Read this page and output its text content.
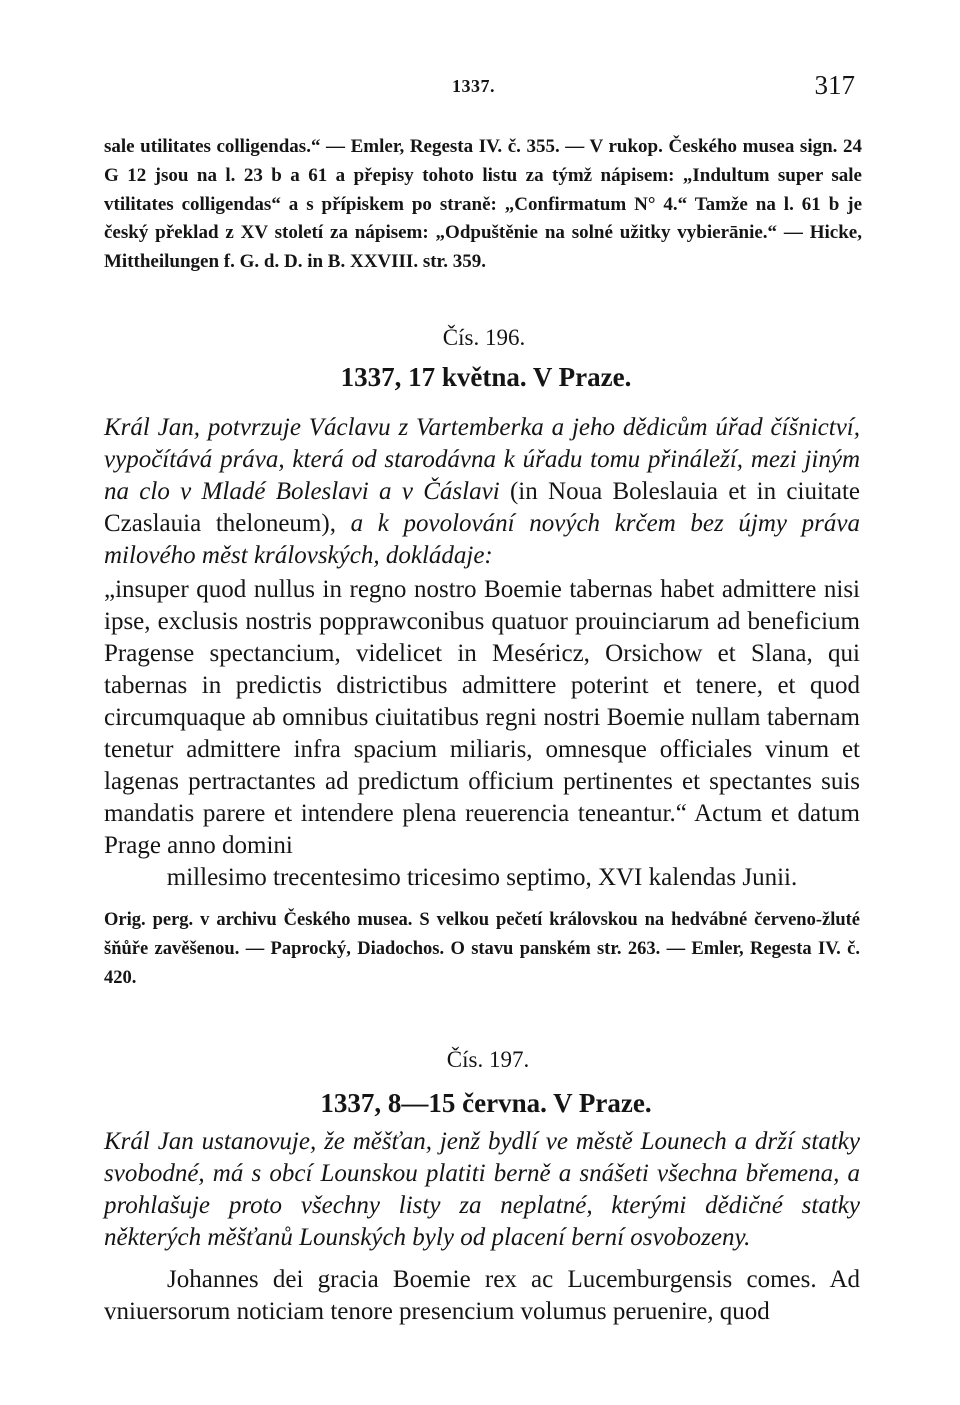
1337.	317
sale utilitates colligendas.“ — Emler, Regesta IV. č. 355. — V rukop. Českého musea sign. 24 G 12 jsou na l. 23 b a 61 a přepisy tohoto listu za týmž nápisem: „Indultum super sale vtilitates colligendas“ a s přípiskem po straně: „Confirmatum N° 4.“ Tamže na l. 61 b je český překlad z XV století za nápisem: „Odpuštěnie na solné užitky vybierānie.“ — Hicke, Mittheilungen f. G. d. D. in B. XXVIII. str. 359.
Čís. 196.
1337, 17 května. V Praze.
Král Jan, potvrzuje Václavu z Vartemberka a jeho dědicům úřad číšnictví, vypočítává práva, která od starodávna k úřadu tomu přináleží, mezi jiným na clo v Mladé Boleslavi a v Čáslavi (in Noua Boleslauia et in ciuitate Czaslauia theloneum), a k povolování nových krčem bez újmy práva milového měst královských, dokládaje:
„insuper quod nullus in regno nostro Boemie tabernas habet admittere nisi ipse, exclusis nostris popprawconibus quatuor prouinciarum ad beneficium Pragense spectancium, videlicet in Meséricz, Orsichow et Slana, qui tabernas in predictis districtibus admittere poterint et tenere, et quod circumquaque ab omnibus ciuitatibus regni nostri Boemie nullam tabernam tenetur admittere infra spacium miliaris, omnesque officiales vinum et lagenas pertractantes ad predictum officium pertinentes et spectantes suis mandatis parere et intendere plena reuerencia teneantur.“ Actum et datum Prage anno domini
millesimo trecentesimo tricesimo septimo, XVI kalendas Junii.
Orig. perg. v archivu Českého musea. S velkou pečetí královskou na hedvábné červeno-žluté šňůře zavěšenou. — Paprocký, Diadochos. O stavu panském str. 263. — Emler, Regesta IV. č. 420.
Čís. 197.
1337, 8—15 června. V Praze.
Král Jan ustanovuje, že měšťan, jenž bydlí ve městě Lounech a drží statky svobodné, má s obcí Lounskou platiti berně a snášeti všechna břemena, a prohlašuje proto všechny listy za neplatné, kterými dědičné statky některých měšťanů Lounských byly od placení berní osvobozeny.
Johannes dei gracia Boemie rex ac Lucemburgensis comes. Ad vniuersorum noticiam tenore presencium volumus peruenire, quod
